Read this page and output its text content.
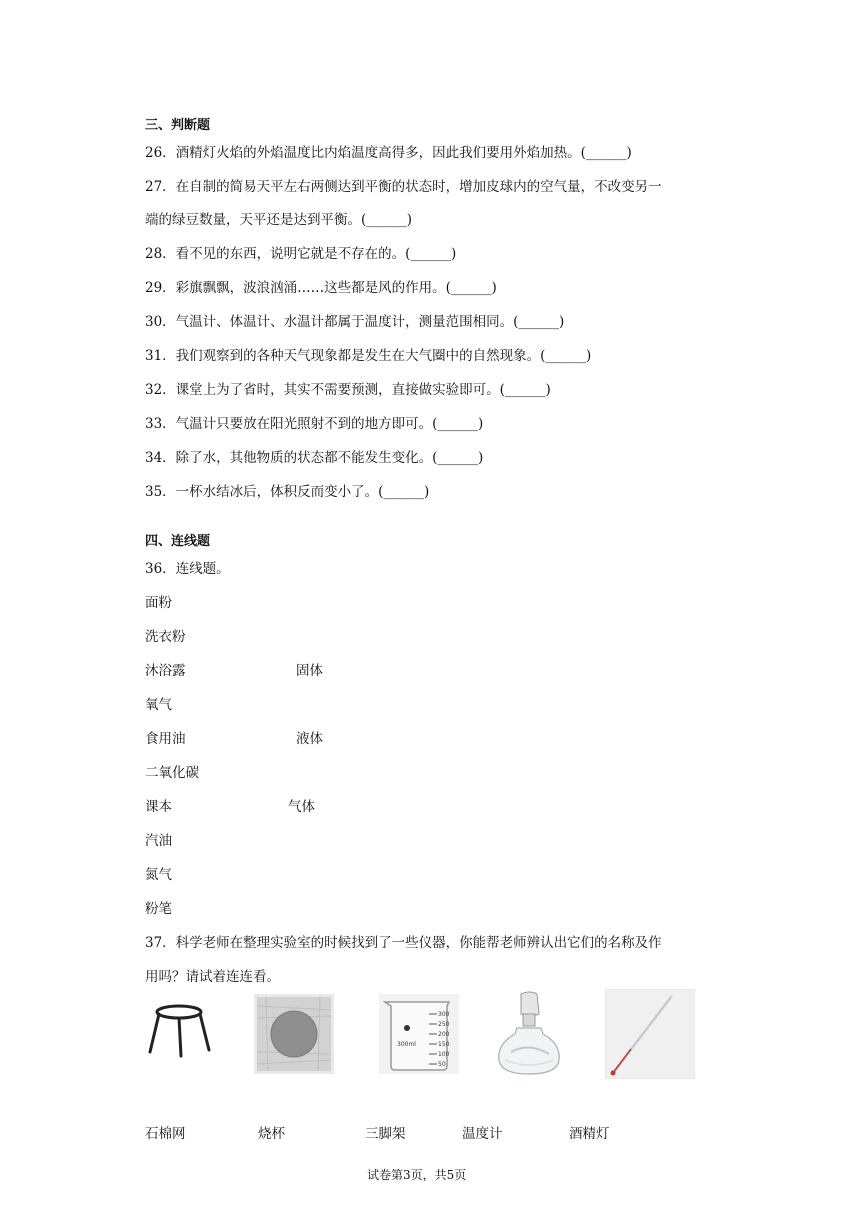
三、判断题
26．酒精灯火焰的外焰温度比内焰温度高得多，因此我们要用外焰加热。(______)
27．在自制的简易天平左右两侧达到平衡的状态时，增加皮球内的空气量，不改变另一
端的绿豆数量，天平还是达到平衡。(______)
28．看不见的东西，说明它就是不存在的。(______)
29．彩旗飘飘，波浪汹涌……这些都是风的作用。(______)
30．气温计、体温计、水温计都属于温度计，测量范围相同。(______)
31．我们观察到的各种天气现象都是发生在大气圈中的自然现象。(______)
32．课堂上为了省时，其实不需要预测，直接做实验即可。(______)
33．气温计只要放在阳光照射不到的地方即可。(______)
34．除了水，其他物质的状态都不能发生变化。(______)
35．一杯水结冰后，体积反而变小了。(______)
四、连线题
36．连线题。
面粉
洗衣粉
沐浴露
氧气
食用油
二氧化碳
课本
汽油
氮气
粉笔
固体
液体
气体
37．科学老师在整理实验室的时候找到了一些仪器，你能帮老师辨认出它们的名称及作
用吗？请试着连连看。
300
250
200
150
100
50
300ml
石棉网	烧杯	三脚架	温度计	酒精灯
试卷第3页，共5页
